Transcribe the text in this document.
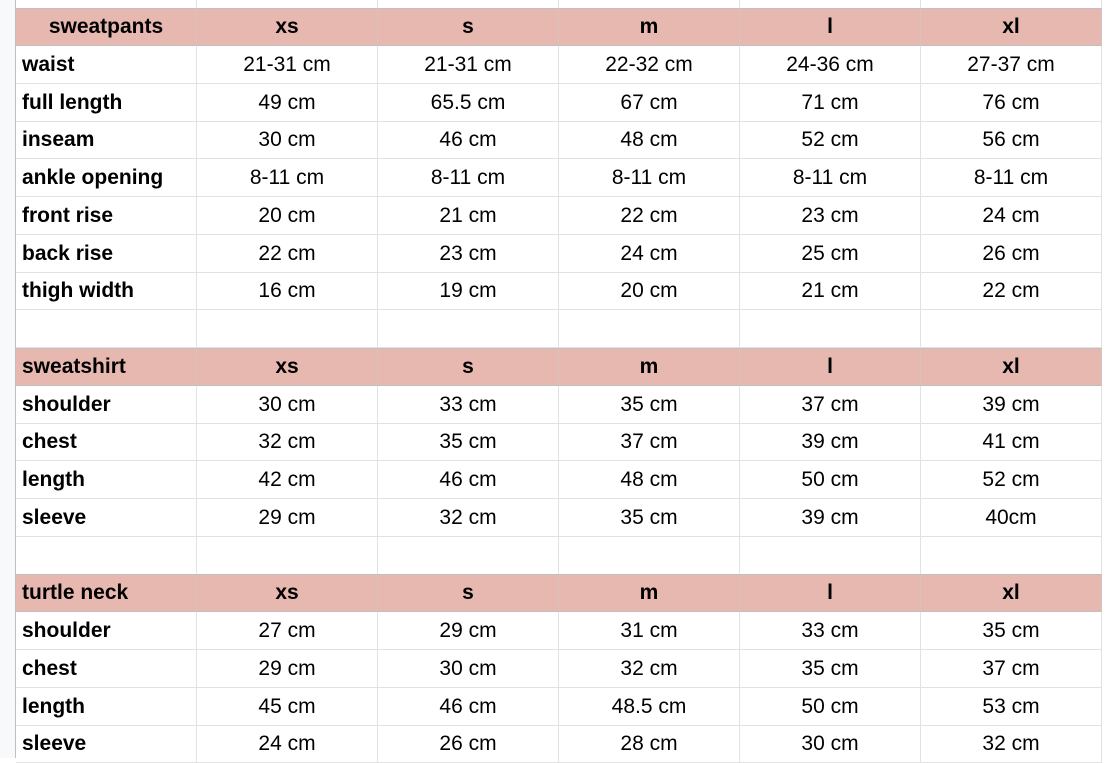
sweatpants	xs	s	m	l	xl
waist	21-31 cm	21-31 cm	22-32 cm	24-36 cm	27-37 cm
full length	49 cm	65.5 cm	67 cm	71 cm	76 cm
inseam	30 cm	46 cm	48 cm	52 cm	56 cm
ankle opening	8-11 cm	8-11 cm	8-11 cm	8-11 cm	8-11 cm
front rise	20 cm	21 cm	22 cm	23 cm	24 cm
back rise	22 cm	23 cm	24 cm	25 cm	26 cm
thigh width	16 cm	19 cm	20 cm	21 cm	22 cm
sweatshirt	xs	s	m	l	xl
shoulder	30 cm	33 cm	35 cm	37 cm	39 cm
chest	32 cm	35 cm	37 cm	39 cm	41 cm
length	42 cm	46 cm	48 cm	50 cm	52 cm
sleeve	29 cm	32 cm	35 cm	39 cm	40cm
turtle neck	xs	s	m	l	xl
shoulder	27 cm	29 cm	31 cm	33 cm	35 cm
chest	29 cm	30 cm	32 cm	35 cm	37 cm
length	45 cm	46 cm	48.5 cm	50 cm	53 cm
sleeve	24 cm	26 cm	28 cm	30 cm	32 cm
